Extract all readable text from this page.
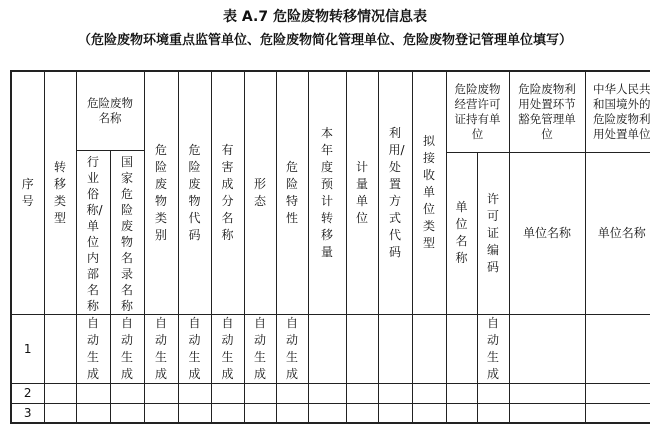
表 A.7 危险废物转移情况信息表
（危险废物环境重点监管单位、危险废物简化管理单位、危险废物登记管理单位填写）
序号	转移类型	危险废物名称		危险废物类别	危险废物代码	有害成分名称	形态	危险特性	本年度预计转移量	计量单位	利用/处置方式代码	拟接收单位类型	危险废物经营许可证持有单位		危险废物利用处置环节豁免管理单位	中华人民共和国境外的危险废物利用处置单位
		行业俗称/单位内部名称	国家危险废物名录名称													
													单位名称	许可证编码	单位名称	单位名称
1		自动生成	自动生成	自动生成	自动生成	自动生成	自动生成	自动生成						自动生成		
2																
3																
